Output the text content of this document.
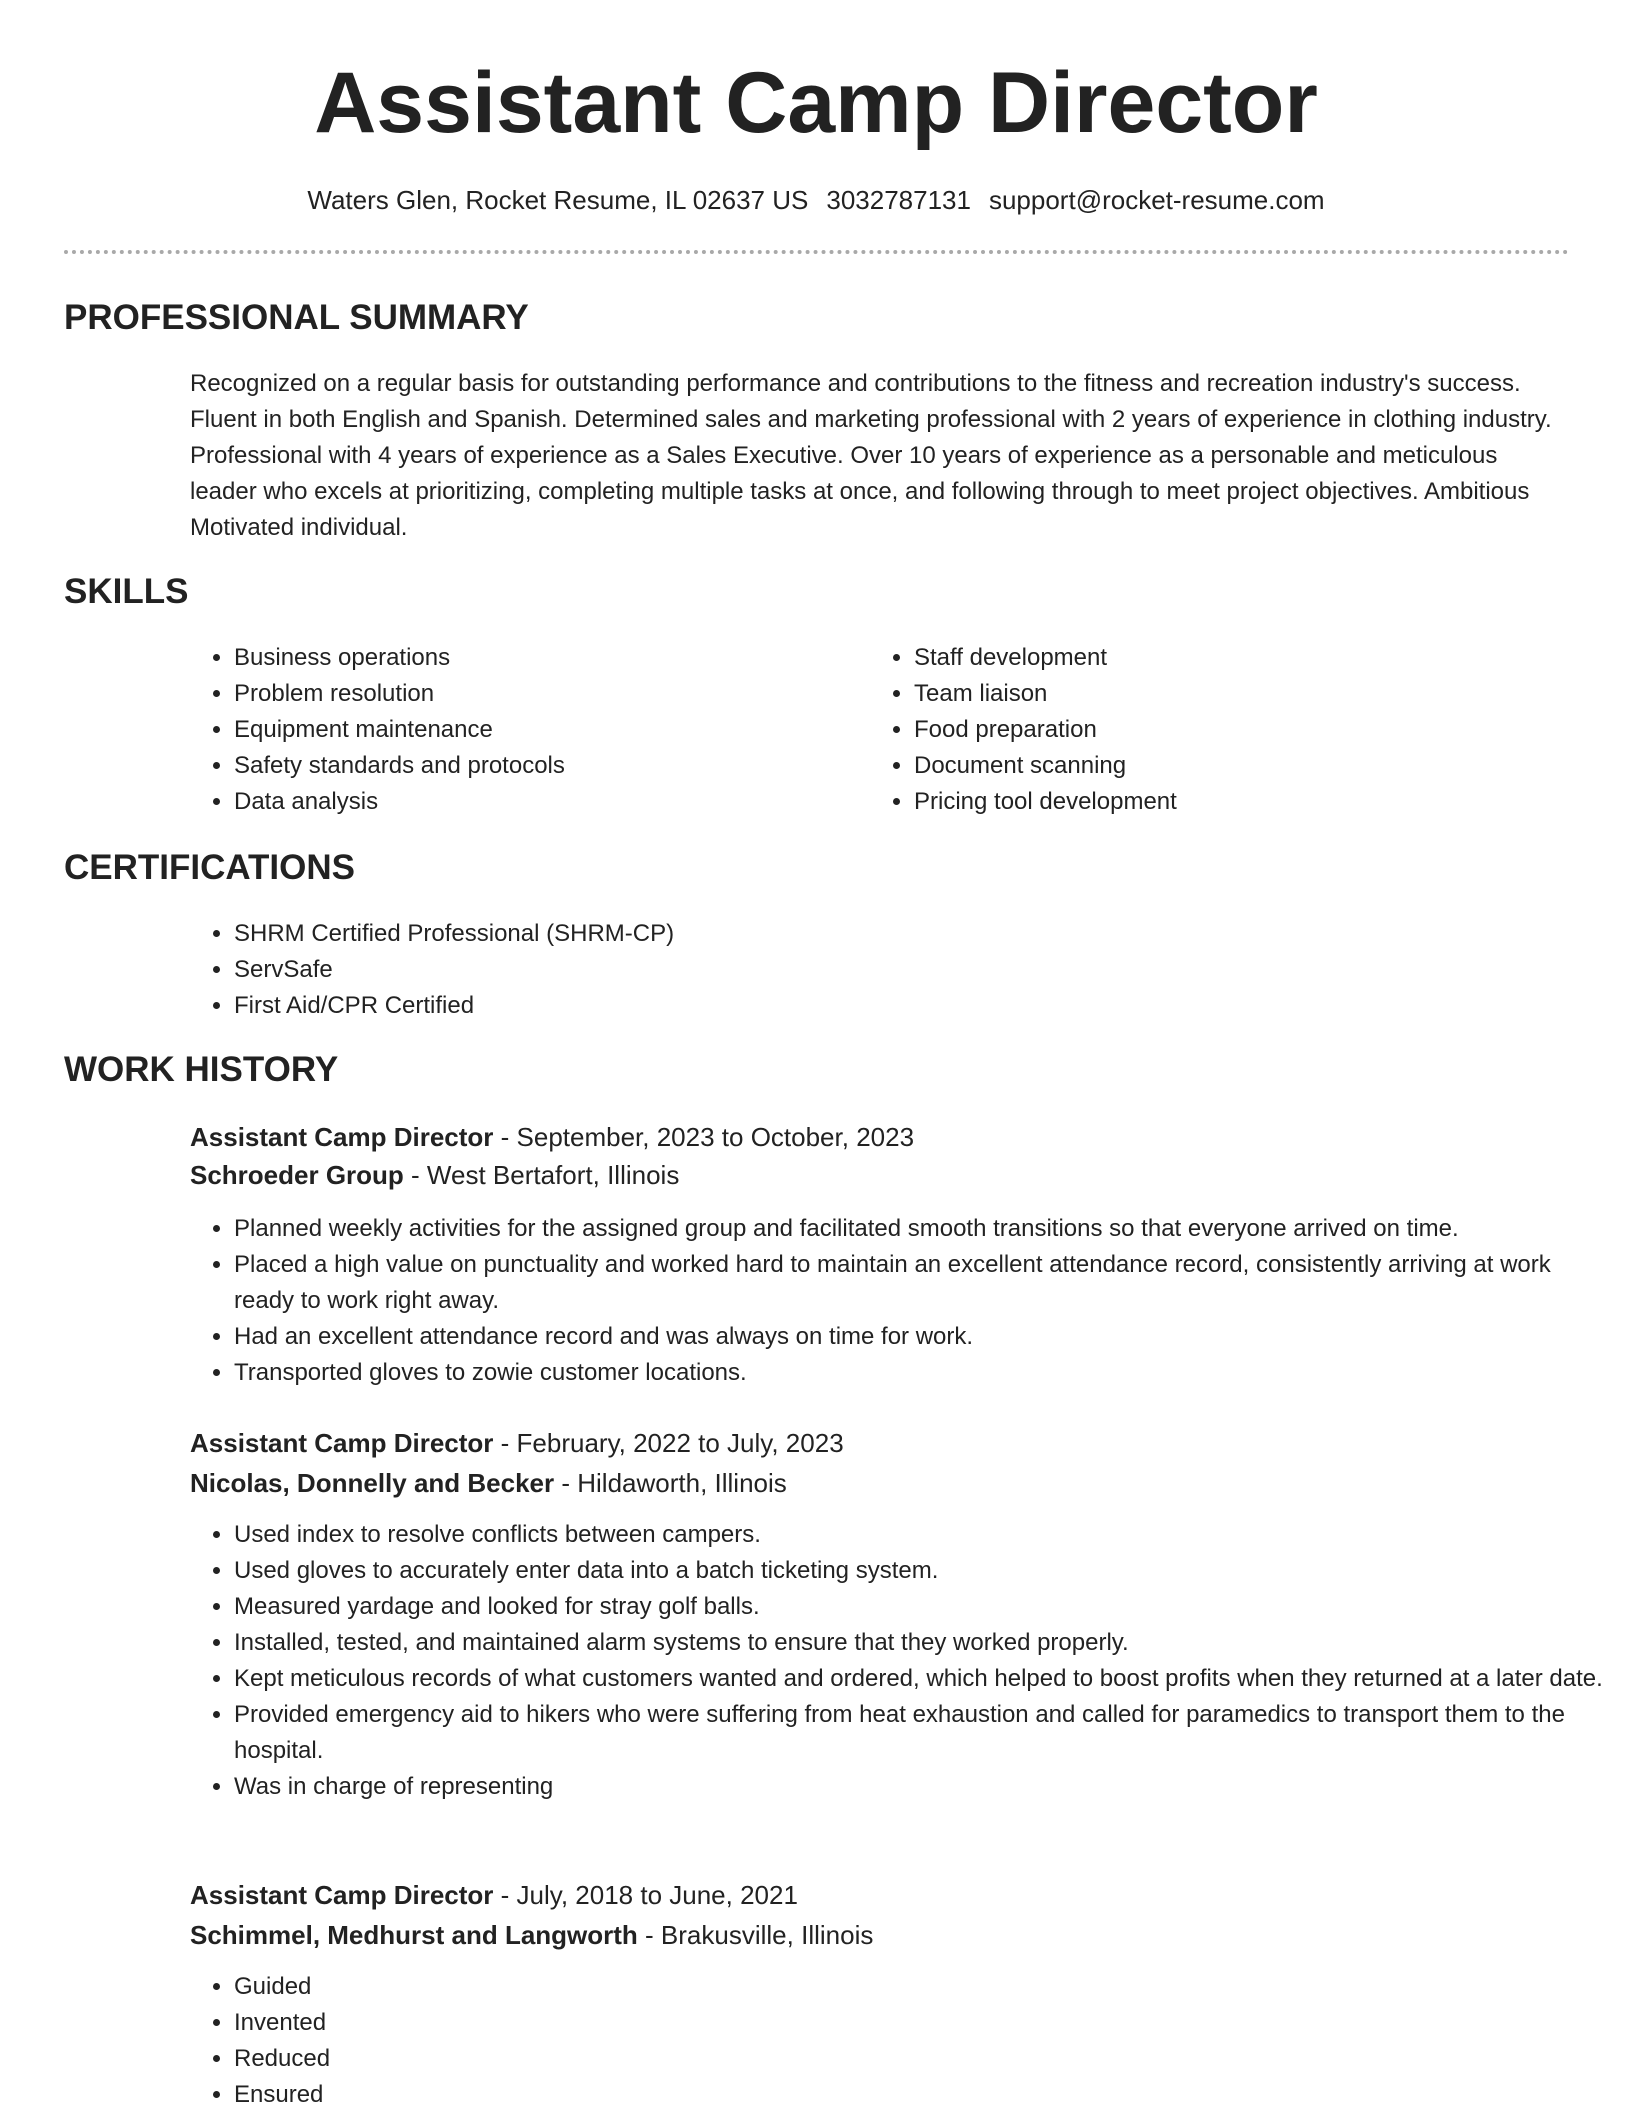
Assistant Camp Director
Waters Glen, Rocket Resume, IL 02637 US 3032787131 support@rocket-resume.com
PROFESSIONAL SUMMARY

Recognized on a regular basis for outstanding performance and contributions to the fitness and recreation industry's success. Fluent in both English and Spanish. Determined sales and marketing professional with 2 years of experience in clothing industry. Professional with 4 years of experience as a Sales Executive. Over 10 years of experience as a personable and meticulous leader who excels at prioritizing, completing multiple tasks at once, and following through to meet project objectives. Ambitious Motivated individual.

SKILLS
• Business operations
• Problem resolution
• Equipment maintenance
• Safety standards and protocols
• Data analysis
• Staff development
• Team liaison
• Food preparation
• Document scanning
• Pricing tool development
CERTIFICATIONS
• SHRM Certified Professional (SHRM-CP)
• ServSafe
• First Aid/CPR Certified
WORK HISTORY
Assistant Camp Director - September, 2023 to October, 2023
Schroeder Group - West Bertafort, Illinois
• Planned weekly activities for the assigned group and facilitated smooth transitions so that everyone arrived on time.
• Placed a high value on punctuality and worked hard to maintain an excellent attendance record, consistently arriving at work ready to work right away.
• Had an excellent attendance record and was always on time for work.
• Transported gloves to zowie customer locations.
Assistant Camp Director - February, 2022 to July, 2023
Nicolas, Donnelly and Becker - Hildaworth, Illinois
• Used index to resolve conflicts between campers.
• Used gloves to accurately enter data into a batch ticketing system.
• Measured yardage and looked for stray golf balls.
• Installed, tested, and maintained alarm systems to ensure that they worked properly.
• Kept meticulous records of what customers wanted and ordered, which helped to boost profits when they returned at a later date.
• Provided emergency aid to hikers who were suffering from heat exhaustion and called for paramedics to transport them to the hospital.
• Was in charge of representing
Assistant Camp Director - July, 2018 to June, 2021
Schimmel, Medhurst and Langworth - Brakusville, Illinois
• Guided
• Invented
• Reduced
• Ensured
